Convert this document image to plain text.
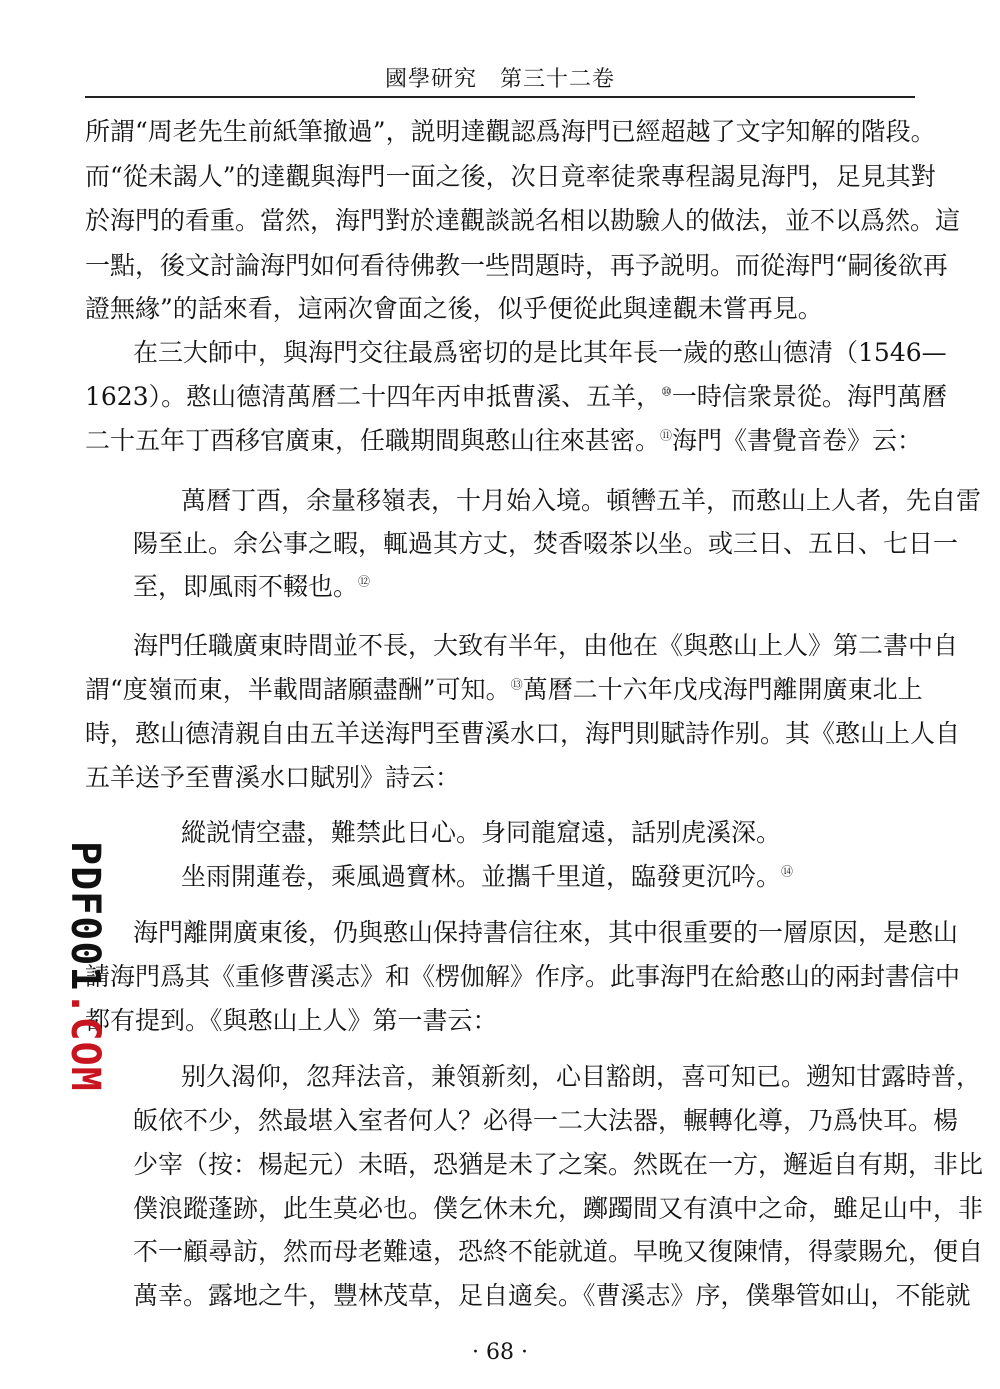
國學研究　第三十二卷
所謂“周老先生前紙筆撤過”，説明達觀認爲海門已經超越了文字知解的階段。
而“從未謁人”的達觀與海門一面之後，次日竟率徒衆專程謁見海門，足見其對
於海門的看重。當然，海門對於達觀談説名相以勘驗人的做法，並不以爲然。這
一點，後文討論海門如何看待佛教一些問題時，再予説明。而從海門“嗣後欲再
證無緣”的話來看，這兩次會面之後，似乎便從此與達觀未嘗再見。
在三大師中，與海門交往最爲密切的是比其年長一歲的憨山德清（1546—
1623）。憨山德清萬曆二十四年丙申抵曹溪、五羊，⑩一時信衆景從。海門萬曆
二十五年丁酉移官廣東，任職期間與憨山往來甚密。⑪海門《書覺音卷》云：
萬曆丁酉，余量移嶺表，十月始入境。頓轡五羊，而憨山上人者，先自雷
陽至止。余公事之暇，輒過其方丈，焚香啜茶以坐。或三日、五日、七日一
至，即風雨不輟也。⑫
海門任職廣東時間並不長，大致有半年，由他在《與憨山上人》第二書中自
謂“度嶺而東，半載間諸願盡酬”可知。⑬萬曆二十六年戊戌海門離開廣東北上
時，憨山德清親自由五羊送海門至曹溪水口，海門則賦詩作别。其《憨山上人自
五羊送予至曹溪水口賦别》詩云：
縱説情空盡，難禁此日心。身同龍窟遠，話别虎溪深。
坐雨開蓮卷，乘風過寶林。並攜千里道，臨發更沉吟。⑭
海門離開廣東後，仍與憨山保持書信往來，其中很重要的一層原因，是憨山
請海門爲其《重修曹溪志》和《楞伽解》作序。此事海門在給憨山的兩封書信中
都有提到。《與憨山上人》第一書云：
别久渴仰，忽拜法音，兼領新刻，心目豁朗，喜可知已。遡知甘露時普，
皈依不少，然最堪入室者何人？必得一二大法器，輾轉化導，乃爲快耳。楊
少宰（按：楊起元）未晤，恐猶是未了之案。然既在一方，邂逅自有期，非比
僕浪蹤蓬跡，此生莫必也。僕乞休未允，躑躅間又有滇中之命，雖足山中，非
不一顧尋訪，然而母老難遠，恐終不能就道。早晚又復陳情，得蒙賜允，便自
萬幸。露地之牛，豐林茂草，足自適矣。《曹溪志》序，僕舉管如山，不能就
PDF001.COM
· 68 ·
